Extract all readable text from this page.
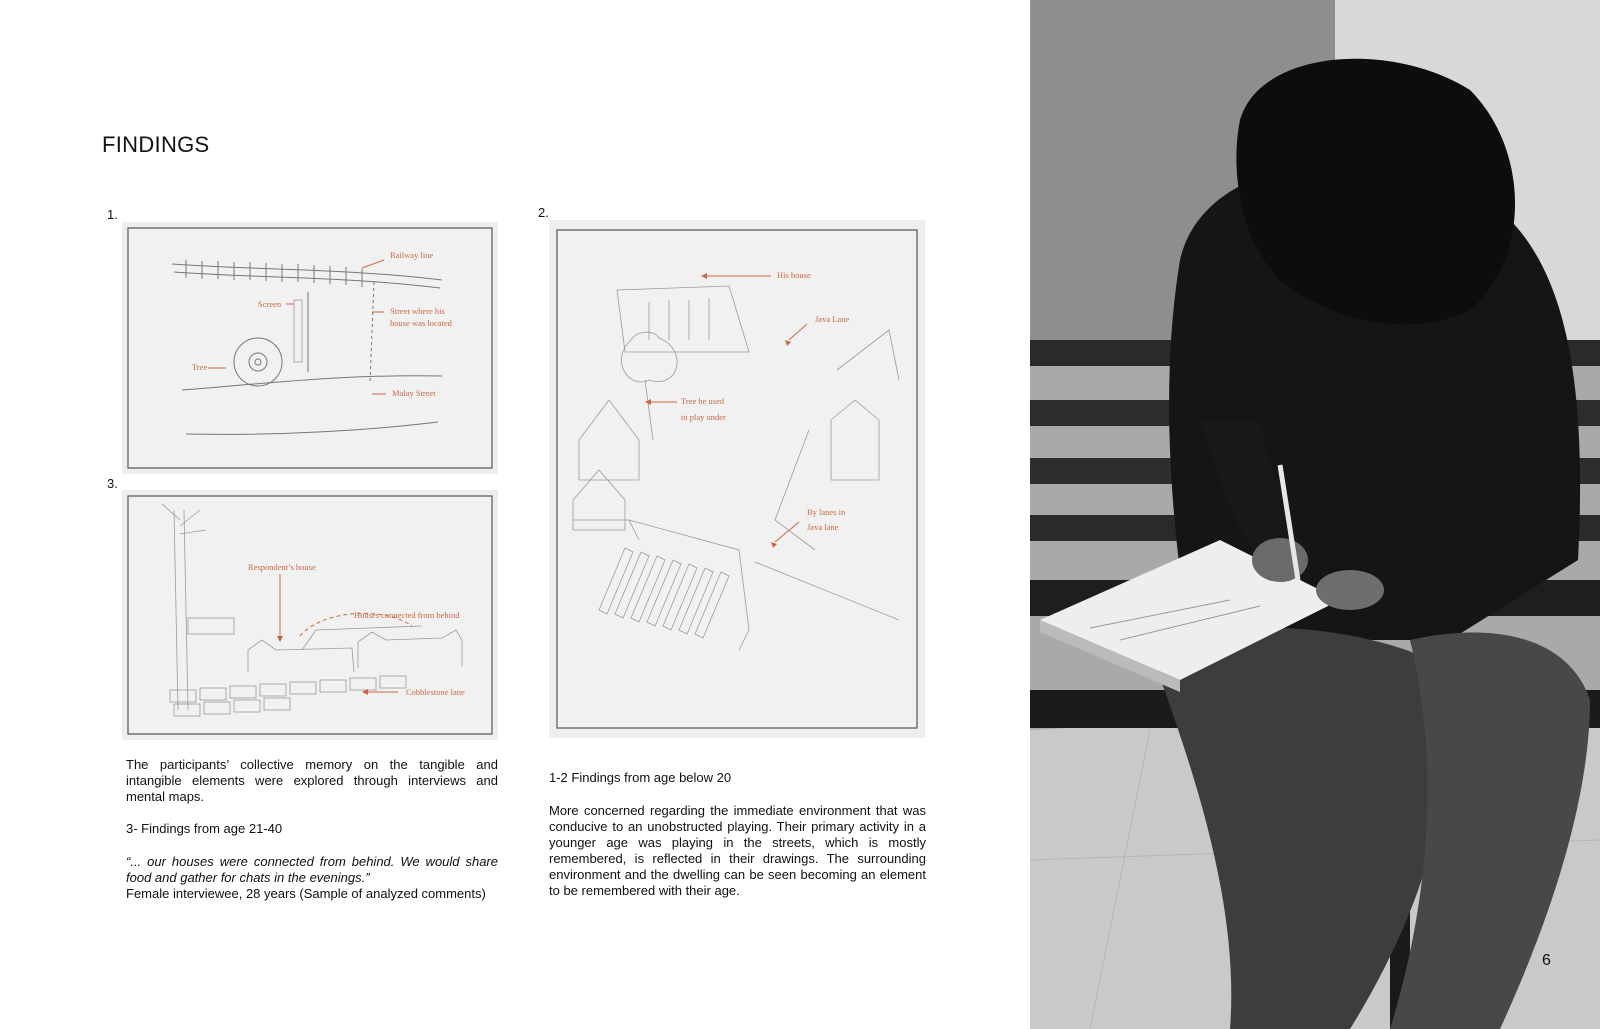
FINDINGS
1.	2.
3.
Railway line
Screen
Street where his
house was located
Tree
Malay Street
Respondent’s house
Houses connected from behind
Cobblestone lane
His house
Java Lane
Tree he used
to play under
By lanes in
Java lane

The participants’ collective memory on the tangible and intangible elements were explored through interviews and mental maps.

3- Findings from age 21-40

“... our houses were connected from behind. We would share food and gather for chats in the evenings.”

Female interviewee, 28 years (Sample of analyzed comments)

1-2 Findings from age below 20

More concerned regarding the immediate environment that was conducive to an unobstructed playing. Their primary activity in a younger age was playing in the streets, which is mostly remembered, is reflected in their drawings. The surrounding environment and the dwelling can be seen becoming an element to be remembered with their age.

6
